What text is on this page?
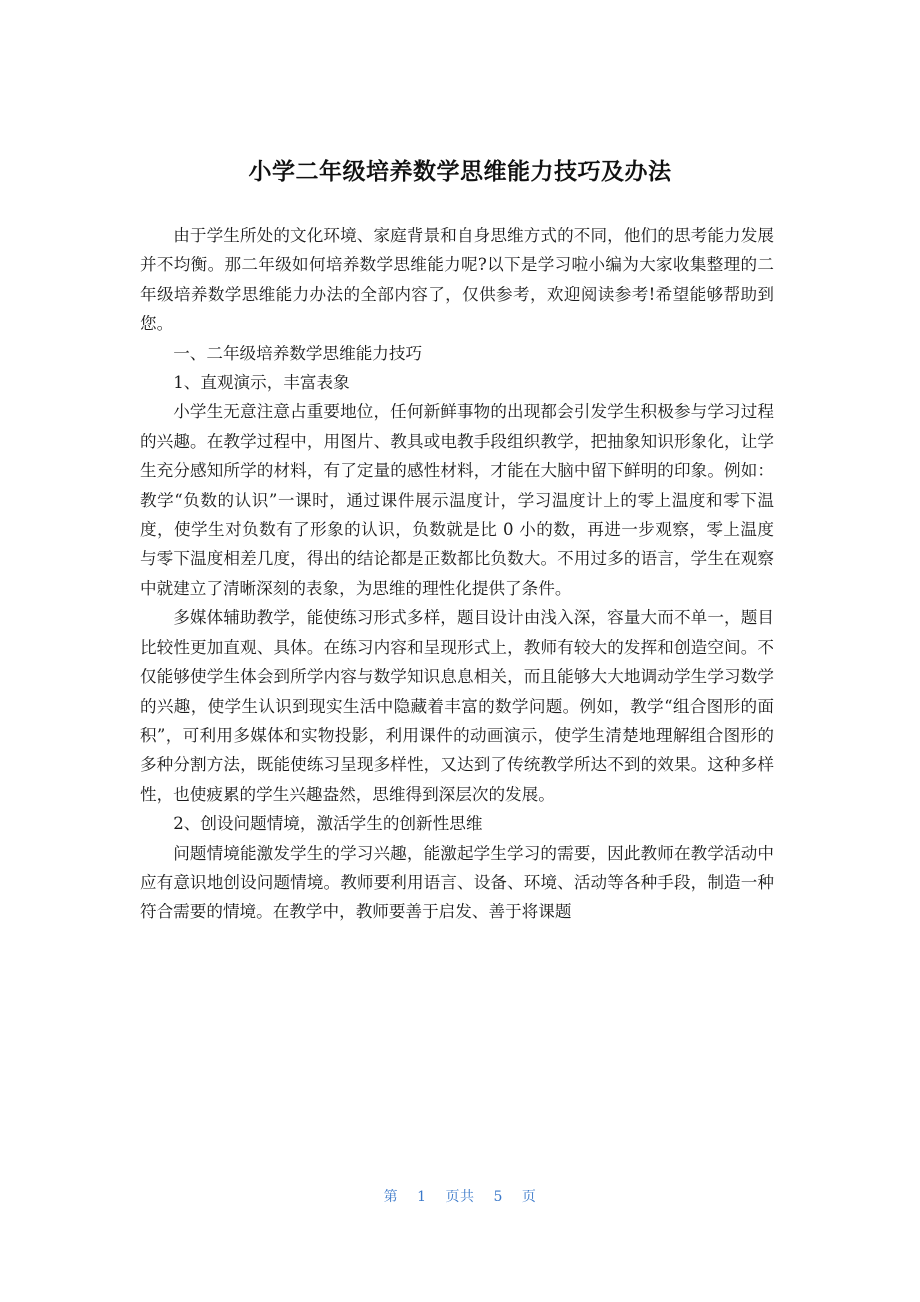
小学二年级培养数学思维能力技巧及办法

由于学生所处的文化环境、家庭背景和自身思维方式的不同，他们的思考能力发展并不均衡。那二年级如何培养数学思维能力呢?以下是学习啦小编为大家收集整理的二年级培养数学思维能力办法的全部内容了，仅供参考，欢迎阅读参考!希望能够帮助到您。

一、二年级培养数学思维能力技巧

1、直观演示，丰富表象

小学生无意注意占重要地位，任何新鲜事物的出现都会引发学生积极参与学习过程的兴趣。在教学过程中，用图片、教具或电教手段组织教学，把抽象知识形象化，让学生充分感知所学的材料，有了定量的感性材料，才能在大脑中留下鲜明的印象。例如：教学“负数的认识”一课时，通过课件展示温度计，学习温度计上的零上温度和零下温度，使学生对负数有了形象的认识，负数就是比 0 小的数，再进一步观察，零上温度与零下温度相差几度，得出的结论都是正数都比负数大。不用过多的语言，学生在观察中就建立了清晰深刻的表象，为思维的理性化提供了条件。

多媒体辅助教学，能使练习形式多样，题目设计由浅入深，容量大而不单一，题目比较性更加直观、具体。在练习内容和呈现形式上，教师有较大的发挥和创造空间。不仅能够使学生体会到所学内容与数学知识息息相关，而且能够大大地调动学生学习数学的兴趣，使学生认识到现实生活中隐藏着丰富的数学问题。例如，教学“组合图形的面积”，可利用多媒体和实物投影，利用课件的动画演示，使学生清楚地理解组合图形的多种分割方法，既能使练习呈现多样性，又达到了传统教学所达不到的效果。这种多样性，也使疲累的学生兴趣盎然，思维得到深层次的发展。

2、创设问题情境，激活学生的创新性思维

问题情境能激发学生的学习兴趣，能激起学生学习的需要，因此教师在教学活动中应有意识地创设问题情境。教师要利用语言、设备、环境、活动等各种手段，制造一种符合需要的情境。在教学中，教师要善于启发、善于将课题

第 1 页共 5 页
